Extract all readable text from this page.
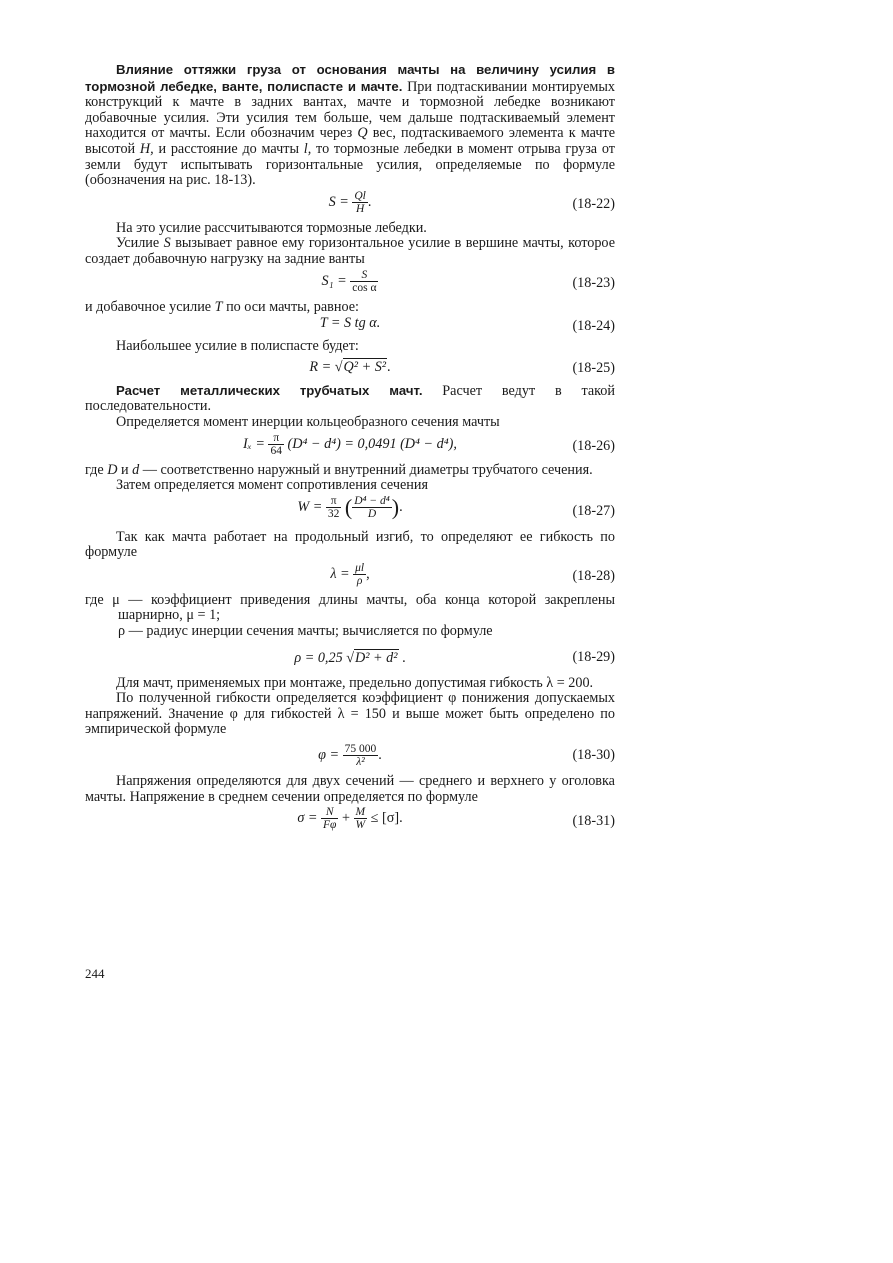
Влияние оттяжки груза от основания мачты на величину усилия в тормозной лебедке, ванте, полиспасте и мачте. При подтаскивании монтируемых конструкций к мачте в задних вантах, мачте и тормозной лебедке возникают добавочные усилия. Эти усилия тем больше, чем дальше подтаскиваемый элемент находится от мачты. Если обозначим через Q вес, подтаскиваемого элемента к мачте высотой H, и расстояние до мачты l, то тормозные лебедки в момент отрыва груза от земли будут испытывать горизонтальные усилия, определяемые по формуле (обозначения на рис. 18-13).

$S = \frac{Ql}{H}$ .	(18-22)

На это усилие рассчитываются тормозные лебедки.

Усилие S вызывает равное ему горизонтальное усилие в вершине мачты, которое создает добавочную нагрузку на задние ванты

$S_1 = \frac{S}{\text{cos α}}$	(18-23)

и добавочное усилие T по оси мачты, равное:

T = S tg α.	(18-24)

Наибольшее усилие в полиспасте будет:

R = √Q² + S².	(18-25)

Расчет металлических трубчатых мачт. Расчет ведут в такой последовательности.

Определяется момент инерции кольцеобразного сечения мачты

$I_x = \frac{\pi}{64} (D^4 - d^4) = 0,0491$ (D⁴ − d⁴),	(18-26)

где D и d — соответственно наружный и внутренний диаметры трубчатого сечения.

Затем определяется момент сопротивления сечения

$W = \frac{\pi}{32}$ ( $\frac{\text{D⁴ − d⁴}}{D}$ ).	(18-27)

Так как мачта работает на продольный изгиб, то определяют ее гибкость по формуле

$\lambda = \frac{\mu l}{\rho}$ ,	(18-28)

где μ — коэффициент приведения длины мачты, оба конца которой закреплены шарнирно, μ = 1;

ρ — радиус инерции сечения мачты; вычисляется по формуле

ρ = 0,25 √D² + d² .	(18-29)

Для мачт, применяемых при монтаже, предельно допустимая гибкость λ = 200.

По полученной гибкости определяется коэффициент φ понижения допускаемых напряжений. Значение φ для гибкостей λ = 150 и выше может быть определено по эмпирической формуле

$\varphi = \frac{75 000}{\text{λ²}}$ .	(18-30)

Напряжения определяются для двух сечений — среднего и верхнего у оголовка мачты. Напряжение в среднем сечении определяется по формуле

$\sigma = \frac{N}{F\varphi} + \frac{M}{W} \le [\sigma]$.	(18-31)
244
